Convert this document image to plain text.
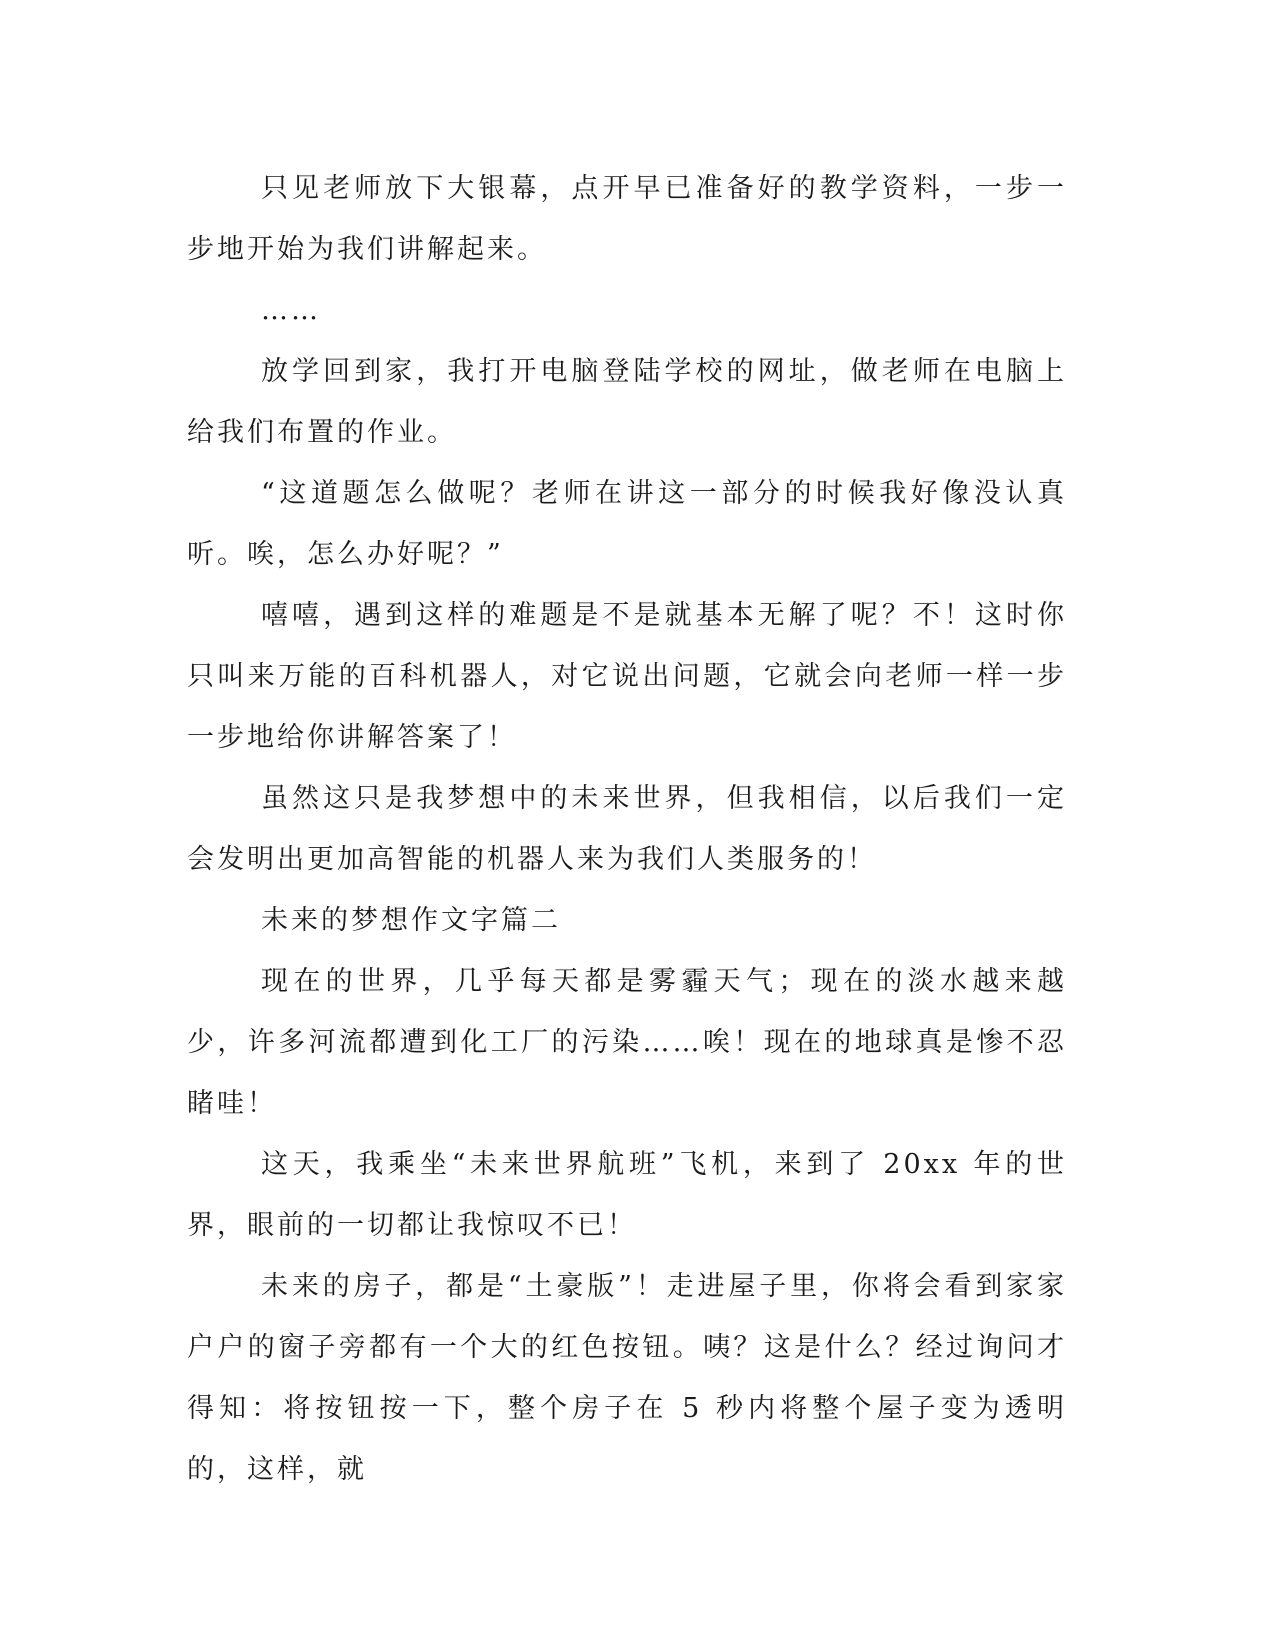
只见老师放下大银幕，点开早已准备好的教学资料，一步一步地开始为我们讲解起来。

……

放学回到家，我打开电脑登陆学校的网址，做老师在电脑上给我们布置的作业。

“这道题怎么做呢？老师在讲这一部分的时候我好像没认真听。唉，怎么办好呢？”

嘻嘻，遇到这样的难题是不是就基本无解了呢？不！这时你只叫来万能的百科机器人，对它说出问题，它就会向老师一样一步一步地给你讲解答案了！

虽然这只是我梦想中的未来世界，但我相信，以后我们一定会发明出更加高智能的机器人来为我们人类服务的！

未来的梦想作文字篇二

现在的世界，几乎每天都是雾霾天气；现在的淡水越来越少，许多河流都遭到化工厂的污染……唉！现在的地球真是惨不忍睹哇！

这天，我乘坐“未来世界航班”飞机，来到了 20xx 年的世界，眼前的一切都让我惊叹不已！

未来的房子，都是“土豪版”！走进屋子里，你将会看到家家户户的窗子旁都有一个大的红色按钮。咦？这是什么？经过询问才得知：将按钮按一下，整个房子在 5 秒内将整个屋子变为透明的，这样，就
